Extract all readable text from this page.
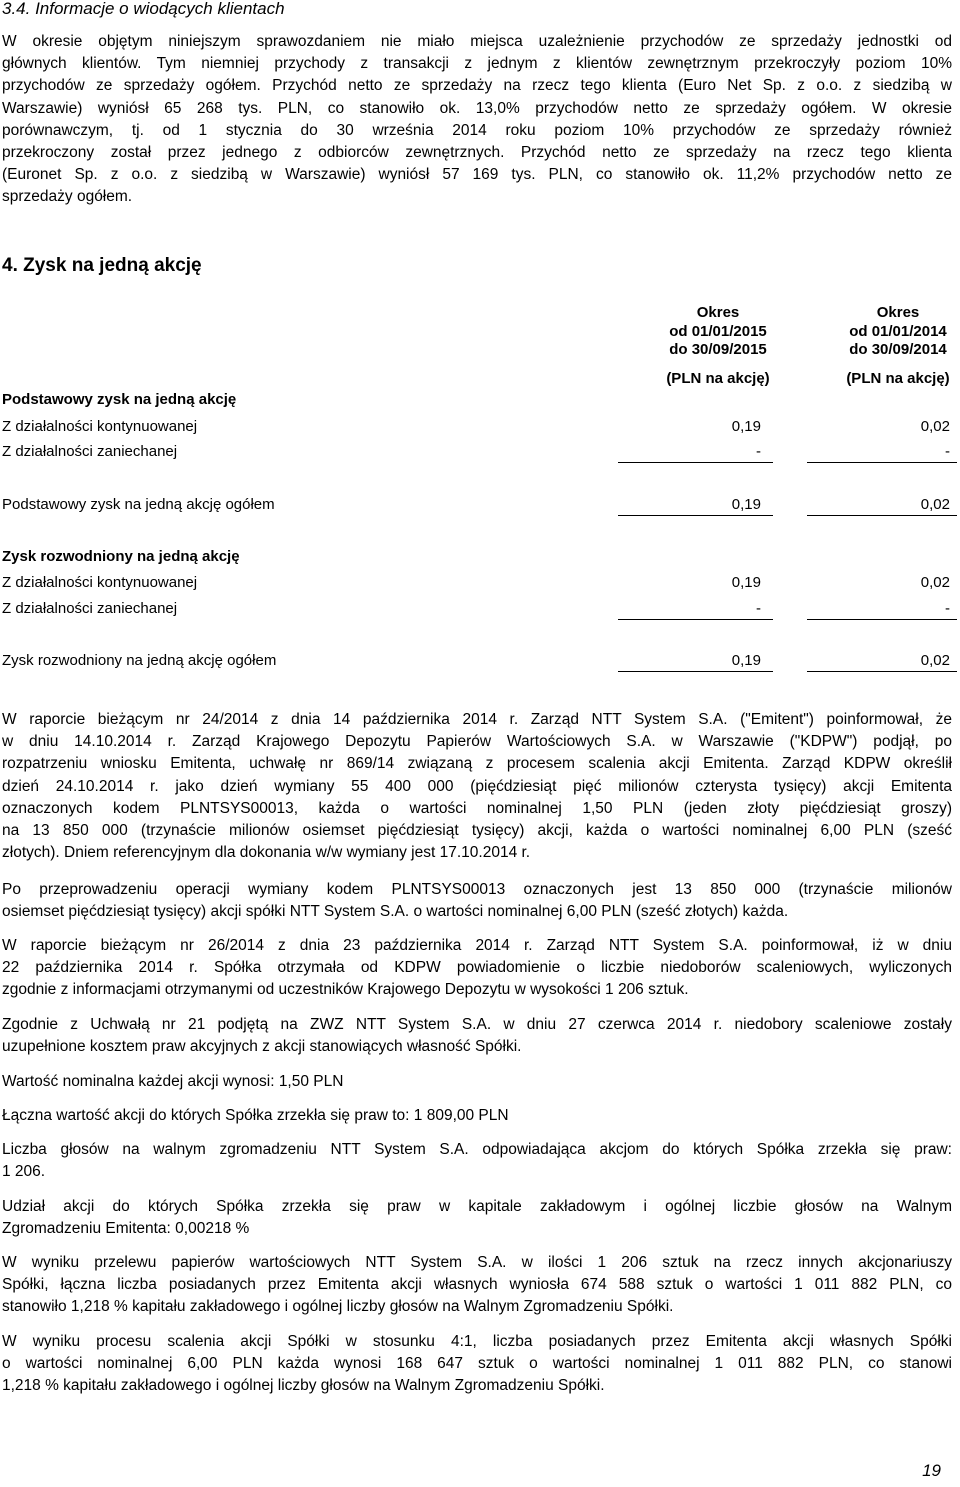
3.4. Informacje o wiodących klientach
W okresie objętym niniejszym sprawozdaniem nie miało miejsca uzależnienie przychodów ze sprzedaży jednostki od
głównych klientów. Tym niemniej przychody z transakcji z jednym z klientów zewnętrznym przekroczyły poziom 10%
przychodów ze sprzedaży ogółem. Przychód netto ze sprzedaży na rzecz tego klienta (Euro Net Sp. z o.o. z siedzibą w
Warszawie) wyniósł 65 268 tys. PLN, co stanowiło ok. 13,0% przychodów netto ze sprzedaży ogółem. W okresie
porównawczym, tj. od 1 stycznia do 30 września 2014 roku poziom 10% przychodów ze sprzedaży również
przekroczony został przez jednego z odbiorców zewnętrznych. Przychód netto ze sprzedaży na rzecz tego klienta
(Euronet Sp. z o.o. z siedzibą w Warszawie) wyniósł 57 169 tys. PLN, co stanowiło ok. 11,2% przychodów netto ze
sprzedaży ogółem.
4. Zysk na jedną akcję
Okres
od 01/01/2015
do 30/09/2015
(PLN na akcję)
Okres
od 01/01/2014
do 30/09/2014
(PLN na akcję)
Podstawowy zysk na jedną akcję
Z działalności kontynuowanej	0,19	0,02
Z działalności zaniechanej	-	-
Podstawowy zysk na jedną akcję ogółem	0,19	0,02
Zysk rozwodniony na jedną akcję
Z działalności kontynuowanej	0,19	0,02
Z działalności zaniechanej	-	-
Zysk rozwodniony na jedną akcję ogółem	0,19	0,02
W raporcie bieżącym nr 24/2014 z dnia 14 października 2014 r. Zarząd NTT System S.A. ("Emitent") poinformował, że
w dniu 14.10.2014 r. Zarząd Krajowego Depozytu Papierów Wartościowych S.A. w Warszawie ("KDPW") podjął, po
rozpatrzeniu wniosku Emitenta, uchwałę nr 869/14 związaną z procesem scalenia akcji Emitenta. Zarząd KDPW określił
dzień 24.10.2014 r. jako dzień wymiany 55 400 000 (pięćdziesiąt pięć milionów czterysta tysięcy) akcji Emitenta
oznaczonych kodem PLNTSYS00013, każda o wartości nominalnej 1,50 PLN (jeden złoty pięćdziesiąt groszy)
na 13 850 000 (trzynaście milionów osiemset pięćdziesiąt tysięcy) akcji, każda o wartości nominalnej 6,00 PLN (sześć
złotych). Dniem referencyjnym dla dokonania w/w wymiany jest 17.10.2014 r.
Po przeprowadzeniu operacji wymiany kodem PLNTSYS00013 oznaczonych jest 13 850 000 (trzynaście milionów
osiemset pięćdziesiąt tysięcy) akcji spółki NTT System S.A. o wartości nominalnej 6,00 PLN (sześć złotych) każda.
W raporcie bieżącym nr 26/2014 z dnia 23 października 2014 r. Zarząd NTT System S.A. poinformował, iż w dniu
22 października 2014 r. Spółka otrzymała od KDPW powiadomienie o liczbie niedoborów scaleniowych, wyliczonych
zgodnie z informacjami otrzymanymi od uczestników Krajowego Depozytu w wysokości 1 206 sztuk.
Zgodnie z Uchwałą nr 21 podjętą na ZWZ NTT System S.A. w dniu 27 czerwca 2014 r. niedobory scaleniowe zostały
uzupełnione kosztem praw akcyjnych z akcji stanowiących własność Spółki.
Wartość nominalna każdej akcji wynosi: 1,50 PLN
Łączna wartość akcji do których Spółka zrzekła się praw to: 1 809,00 PLN
Liczba głosów na walnym zgromadzeniu NTT System S.A. odpowiadająca akcjom do których Spółka zrzekła się praw:
1 206.
Udział akcji do których Spółka zrzekła się praw w kapitale zakładowym i ogólnej liczbie głosów na Walnym
Zgromadzeniu Emitenta: 0,00218 %
W wyniku przelewu papierów wartościowych NTT System S.A. w ilości 1 206 sztuk na rzecz innych akcjonariuszy
Spółki, łączna liczba posiadanych przez Emitenta akcji własnych wyniosła 674 588 sztuk o wartości 1 011 882 PLN, co
stanowiło 1,218 % kapitału zakładowego i ogólnej liczby głosów na Walnym Zgromadzeniu Spółki.
W wyniku procesu scalenia akcji Spółki w stosunku 4:1, liczba posiadanych przez Emitenta akcji własnych Spółki
o wartości nominalnej 6,00 PLN każda wynosi 168 647 sztuk o wartości nominalnej 1 011 882 PLN, co stanowi
1,218 % kapitału zakładowego i ogólnej liczby głosów na Walnym Zgromadzeniu Spółki.
19
